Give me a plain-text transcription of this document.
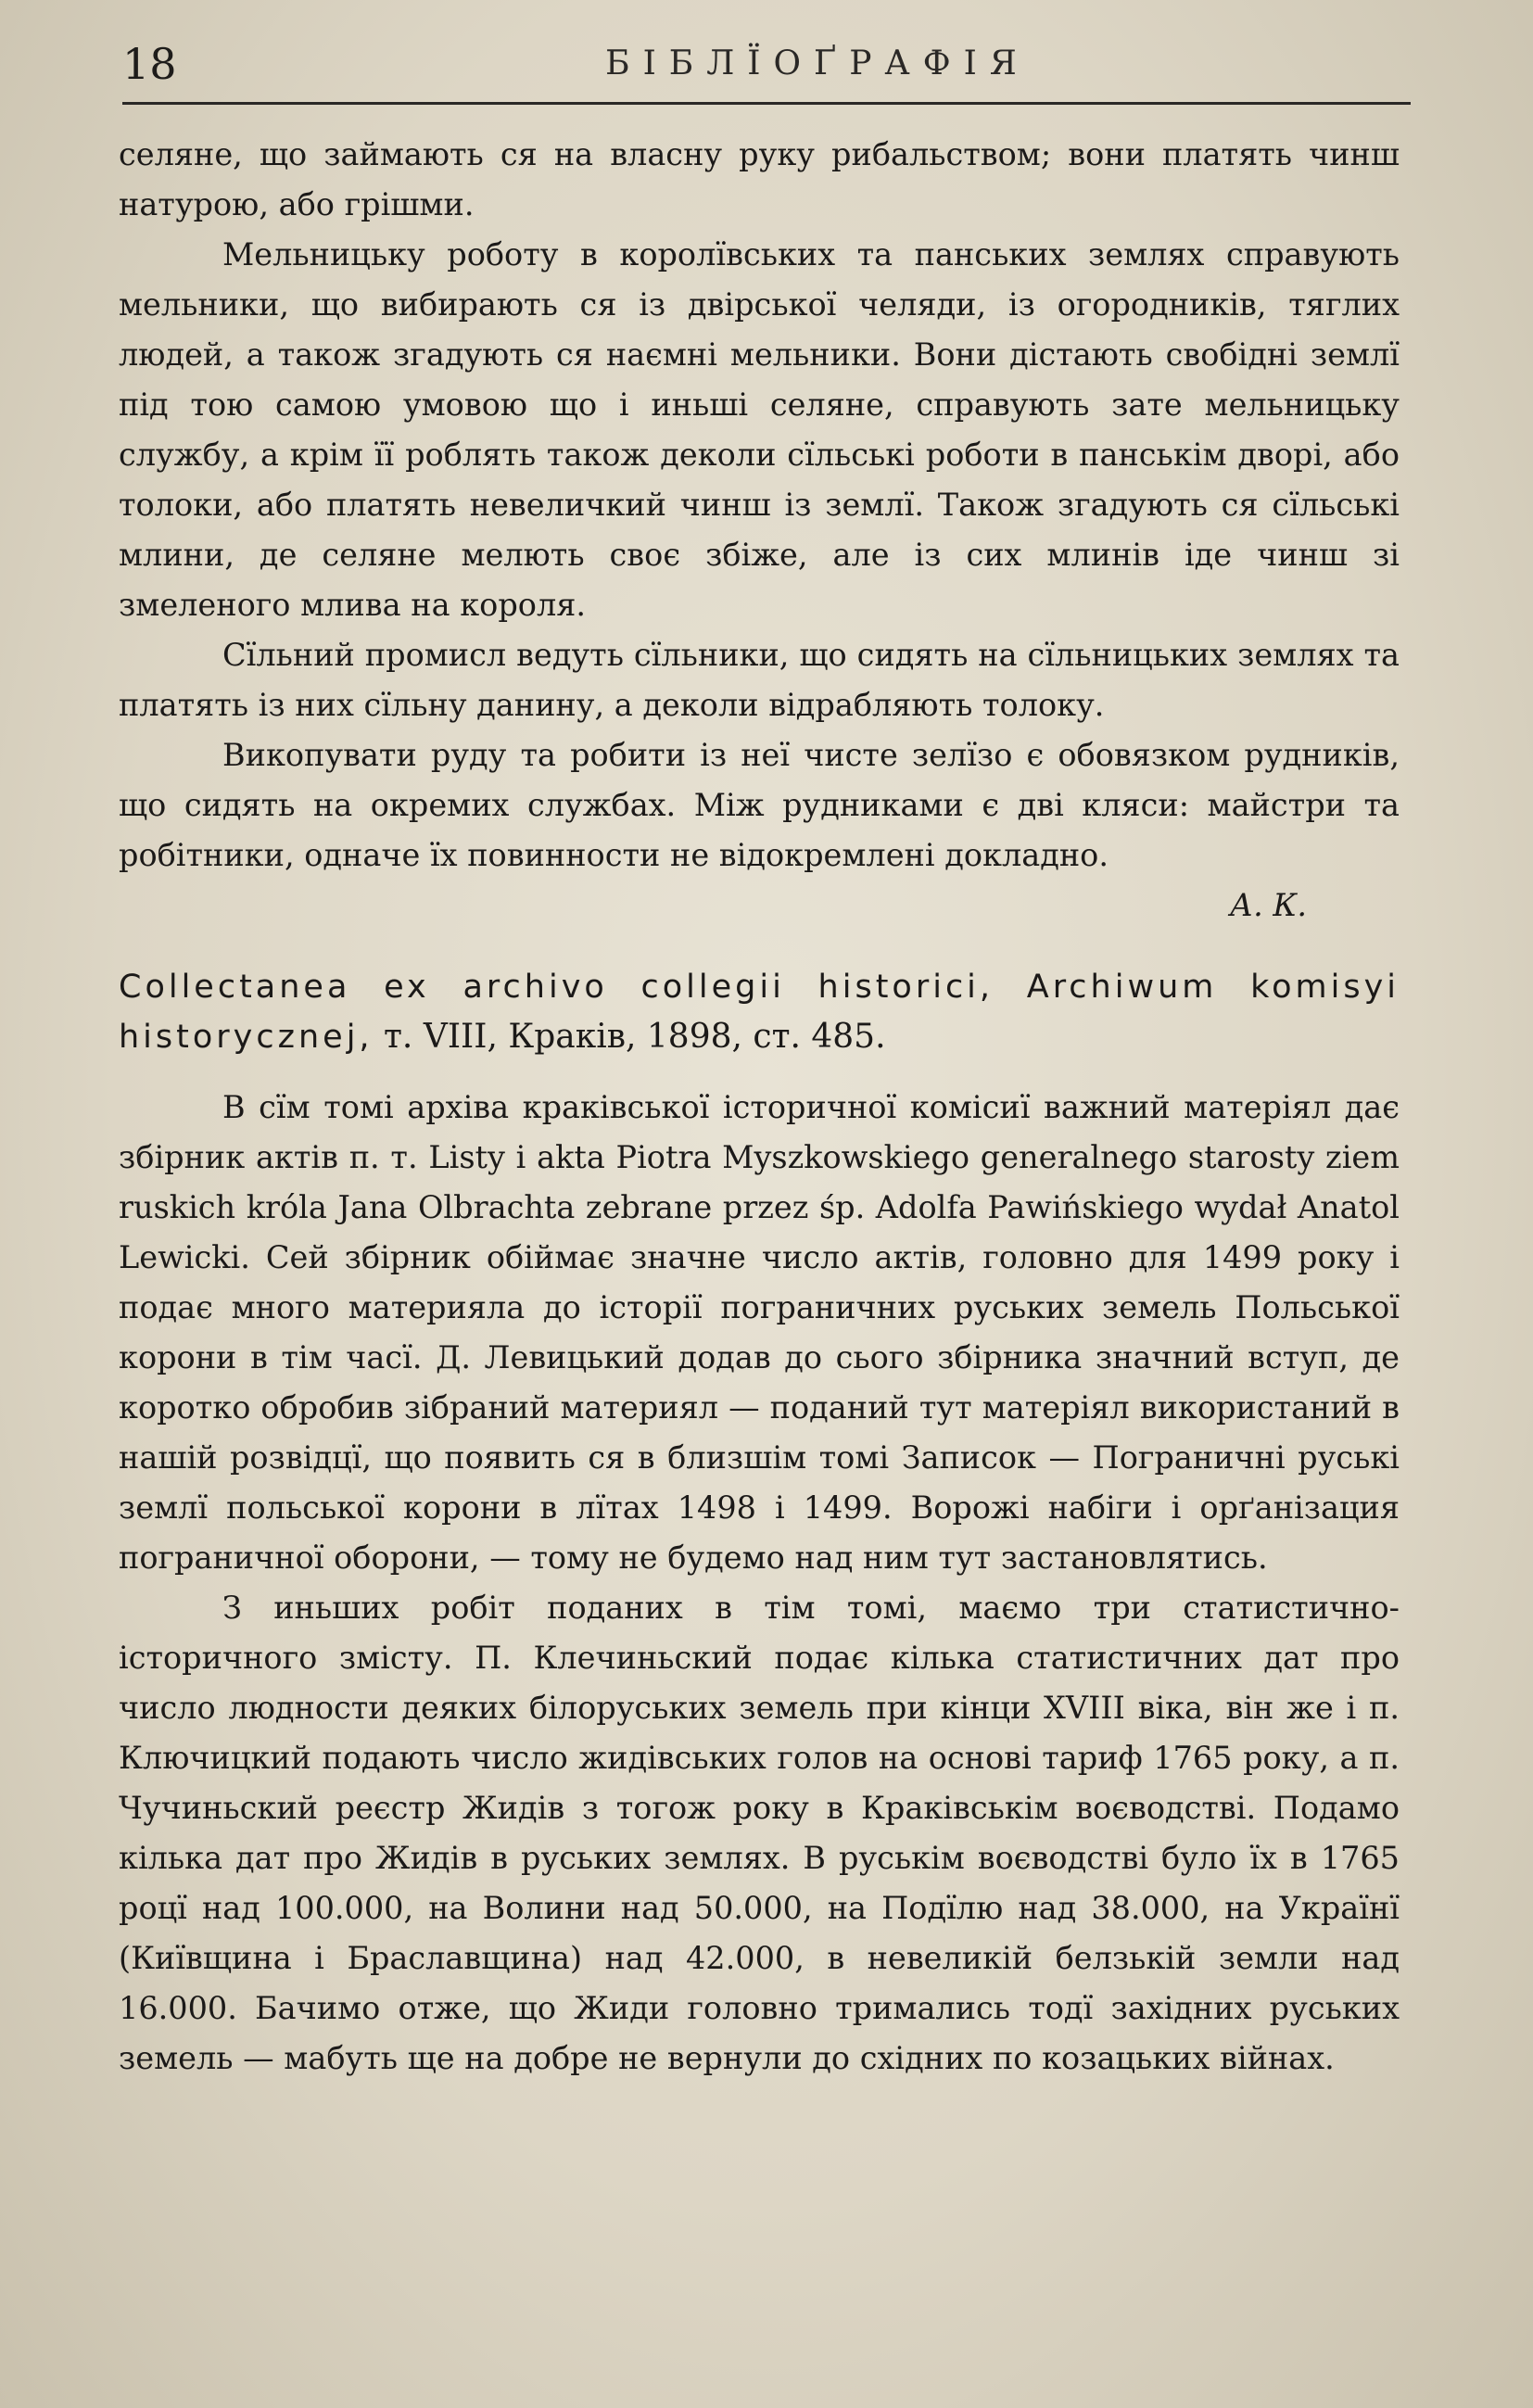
18	БІБЛЇОҐРАФІЯ

селяне, що займають ся на власну руку рибальством; вони платять чинш натурою, або грішми.

Мельницьку роботу в королївських та панських землях справують мельники, що вибирають ся із двірської челяди, із огородників, тяглих людей, а також згадують ся наємні мельники. Вони дістають свобідні землї під тою самою умовою що і иньші селяне, справують зате мельницьку службу, а крім її роблять також деколи сїльські роботи в панськім дворі, або толоки, або платять невеличкий чинш із землї. Також згадують ся сїльські млини, де селяне мелють своє збіже, але із сих млинів іде чинш зі змеленого млива на короля.

Сїльний промисл ведуть сїльники, що сидять на сїльницьких землях та платять із них сїльну данину, а деколи відрабляють толоку.

Викопувати руду та робити із неї чисте зелїзо є обовязком рудників, що сидять на окремих службах. Між рудниками є дві кляси: майстри та робітники, одначе їх повинности не відокремлені докладно.

А. К.

Collectanea ex archivo collegii historici, Archiwum komisyi historycznej, т. VIII, Краків, 1898, ст. 485.

В сїм томі архіва краківської історичної комісиї важний матеріял дає збірник актів п. т. Listy i akta Piotra Myszkowskiego generalnego starosty ziem ruskich króla Jana Olbrachta zebrane przez śp. Adolfa Pawińskiego wydał Anatol Lewicki. Сей збірник обіймає значне число актів, головно для 1499 року і подає много материяла до історії пограничних руських земель Польської корони в тім часї. Д. Левицький додав до сього збірника значний вступ, де коротко обробив зібраний материял — поданий тут матеріял використаний в нашій розвідцї, що появить ся в близшім томі Записок — Пограничні руські землї польської корони в лїтах 1498 і 1499. Ворожі набіги і орґанізация пограничної оборони, — тому не будемо над ним тут застановлятись.

З иньших робіт поданих в тім томі, маємо три статистично-історичного змісту. П. Клечиньский подає кілька статистичних дат про число людности деяких білоруських земель при кінци XVIII віка, він же і п. Ключицкий подають число жидівських голов на основі тариф 1765 року, а п. Чучиньский реєстр Жидів з тогож року в Краківськім воєводстві. Подамо кілька дат про Жидів в руських землях. В руськім воєводстві було їх в 1765 роцї над 100.000, на Волини над 50.000, на Подїлю над 38.000, на Українї (Київщина і Браславщина) над 42.000, в невеликій белзькій земли над 16.000. Бачимо отже, що Жиди головно тримались тодї західних руських земель — мабуть ще на добре не вернули до східних по козацьких війнах.
